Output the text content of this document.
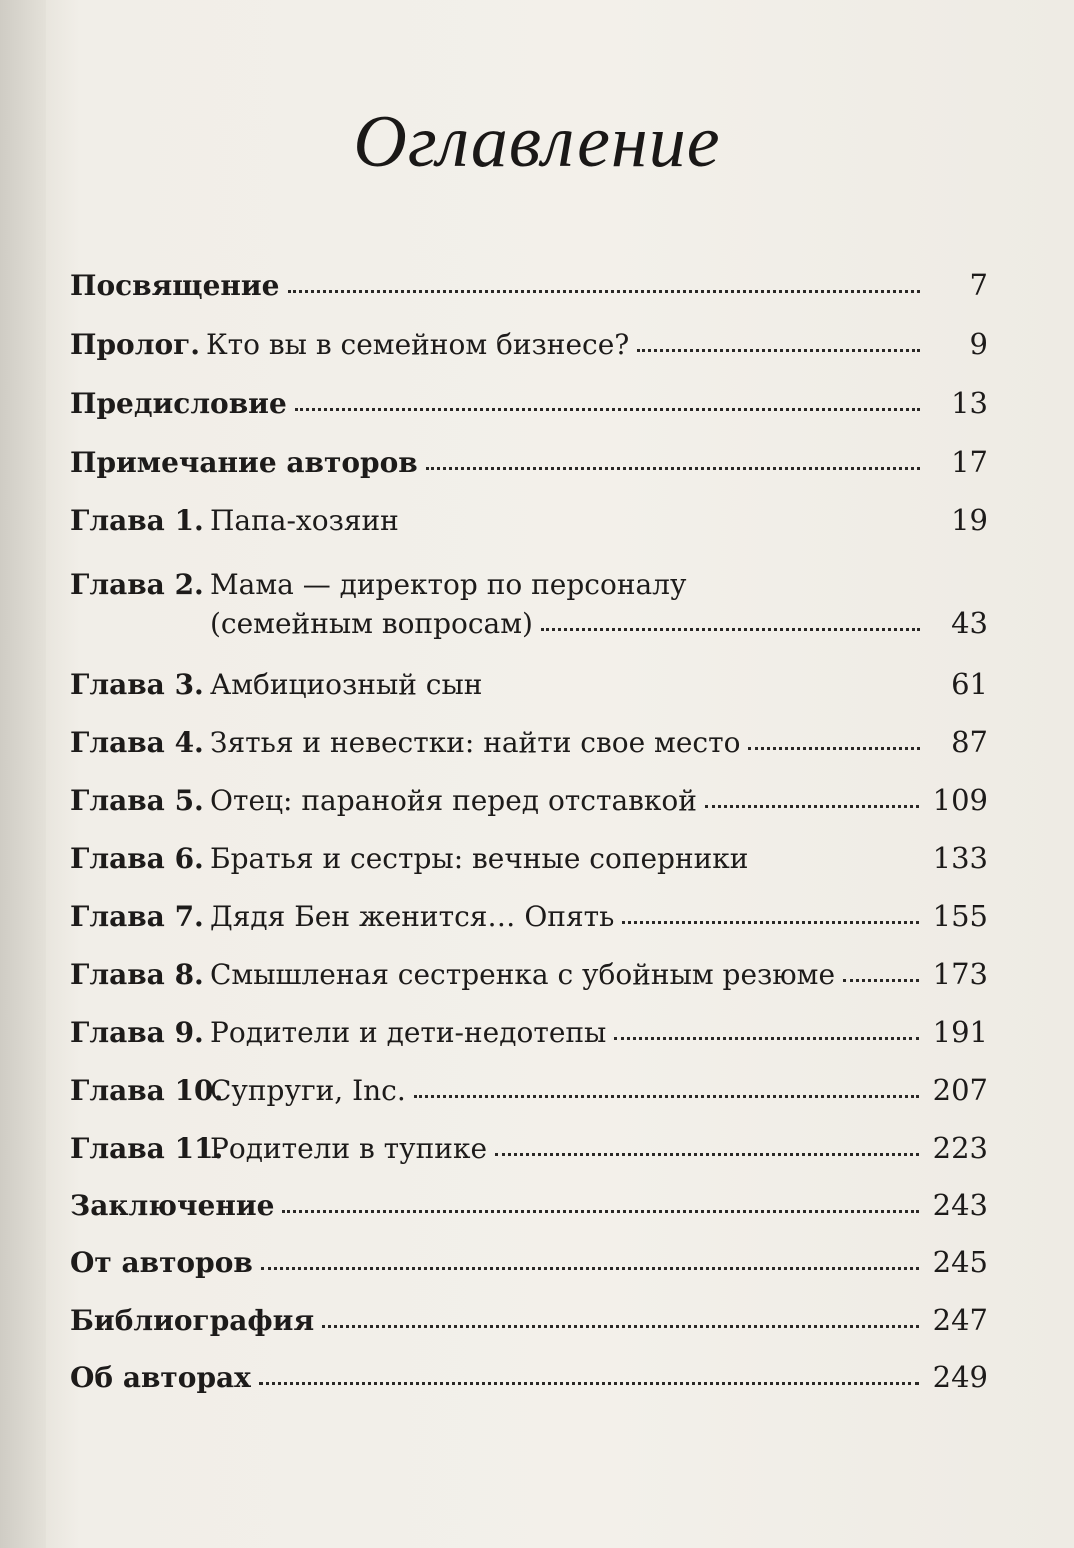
Оглавление
Посвящение	7
Пролог. Кто вы в семейном бизнесе?	9
Предисловие	13
Примечание авторов	17
Глава 1. Папа-хозяин	19
Глава 2. Мама — директор по персоналу
(семейным вопросам)	43
Глава 3. Амбициозный сын	61
Глава 4. Зятья и невестки: найти свое место	87
Глава 5. Отец: паранойя перед отставкой	109
Глава 6. Братья и сестры: вечные соперники	133
Глава 7. Дядя Бен женится… Опять	155
Глава 8. Смышленая сестренка с убойным резюме	173
Глава 9. Родители и дети-недотепы	191
Глава 10.
Супруги, Inc.	207
Глава 11.
Родители в тупике	223
Заключение	243
От авторов	245
Библиография	247
Об авторах	249
